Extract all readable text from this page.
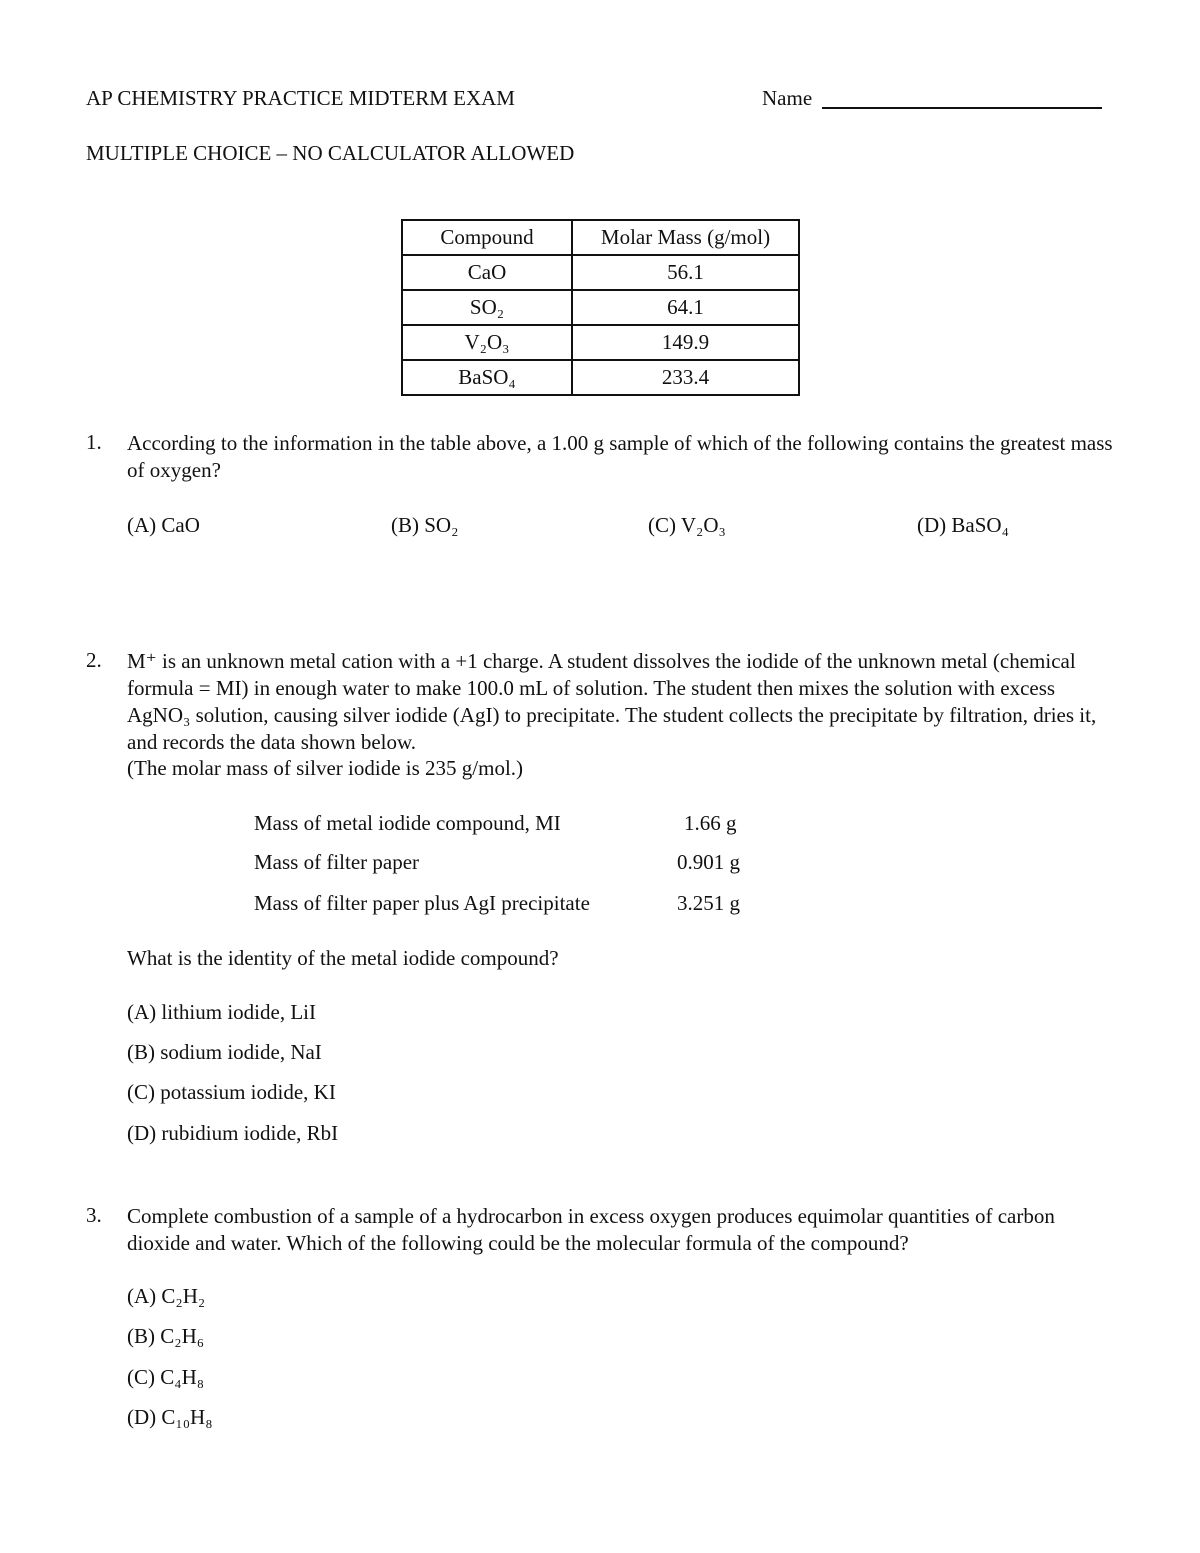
AP CHEMISTRY PRACTICE MIDTERM EXAM	Name
MULTIPLE CHOICE – NO CALCULATOR ALLOWED
Compound	Molar Mass (g/mol)
CaO	56.1
SO₂	64.1
V₂O₃	149.9
BaSO₄	233.4
1. According to the information in the table above, a 1.00 g sample of which of the following contains the greatest mass of oxygen?
(A) CaO	(B) SO₂	(C) V₂O₃	(D) BaSO₄
2. M⁺ is an unknown metal cation with a +1 charge. A student dissolves the iodide of the unknown metal (chemical formula = MI) in enough water to make 100.0 mL of solution. The student then mixes the solution with excess AgNO₃ solution, causing silver iodide (AgI) to precipitate. The student collects the precipitate by filtration, dries it, and records the data shown below.
(The molar mass of silver iodide is 235 g/mol.)
Mass of metal iodide compound, MI	1.66 g
Mass of filter paper	0.901 g
Mass of filter paper plus AgI precipitate	3.251 g
What is the identity of the metal iodide compound?
(A) lithium iodide, LiI
(B) sodium iodide, NaI
(C) potassium iodide, KI
(D) rubidium iodide, RbI
3. Complete combustion of a sample of a hydrocarbon in excess oxygen produces equimolar quantities of carbon dioxide and water. Which of the following could be the molecular formula of the compound?
(A) C₂H₂
(B) C₂H₆
(C) C₄H₈
(D) C₁₀H₈
